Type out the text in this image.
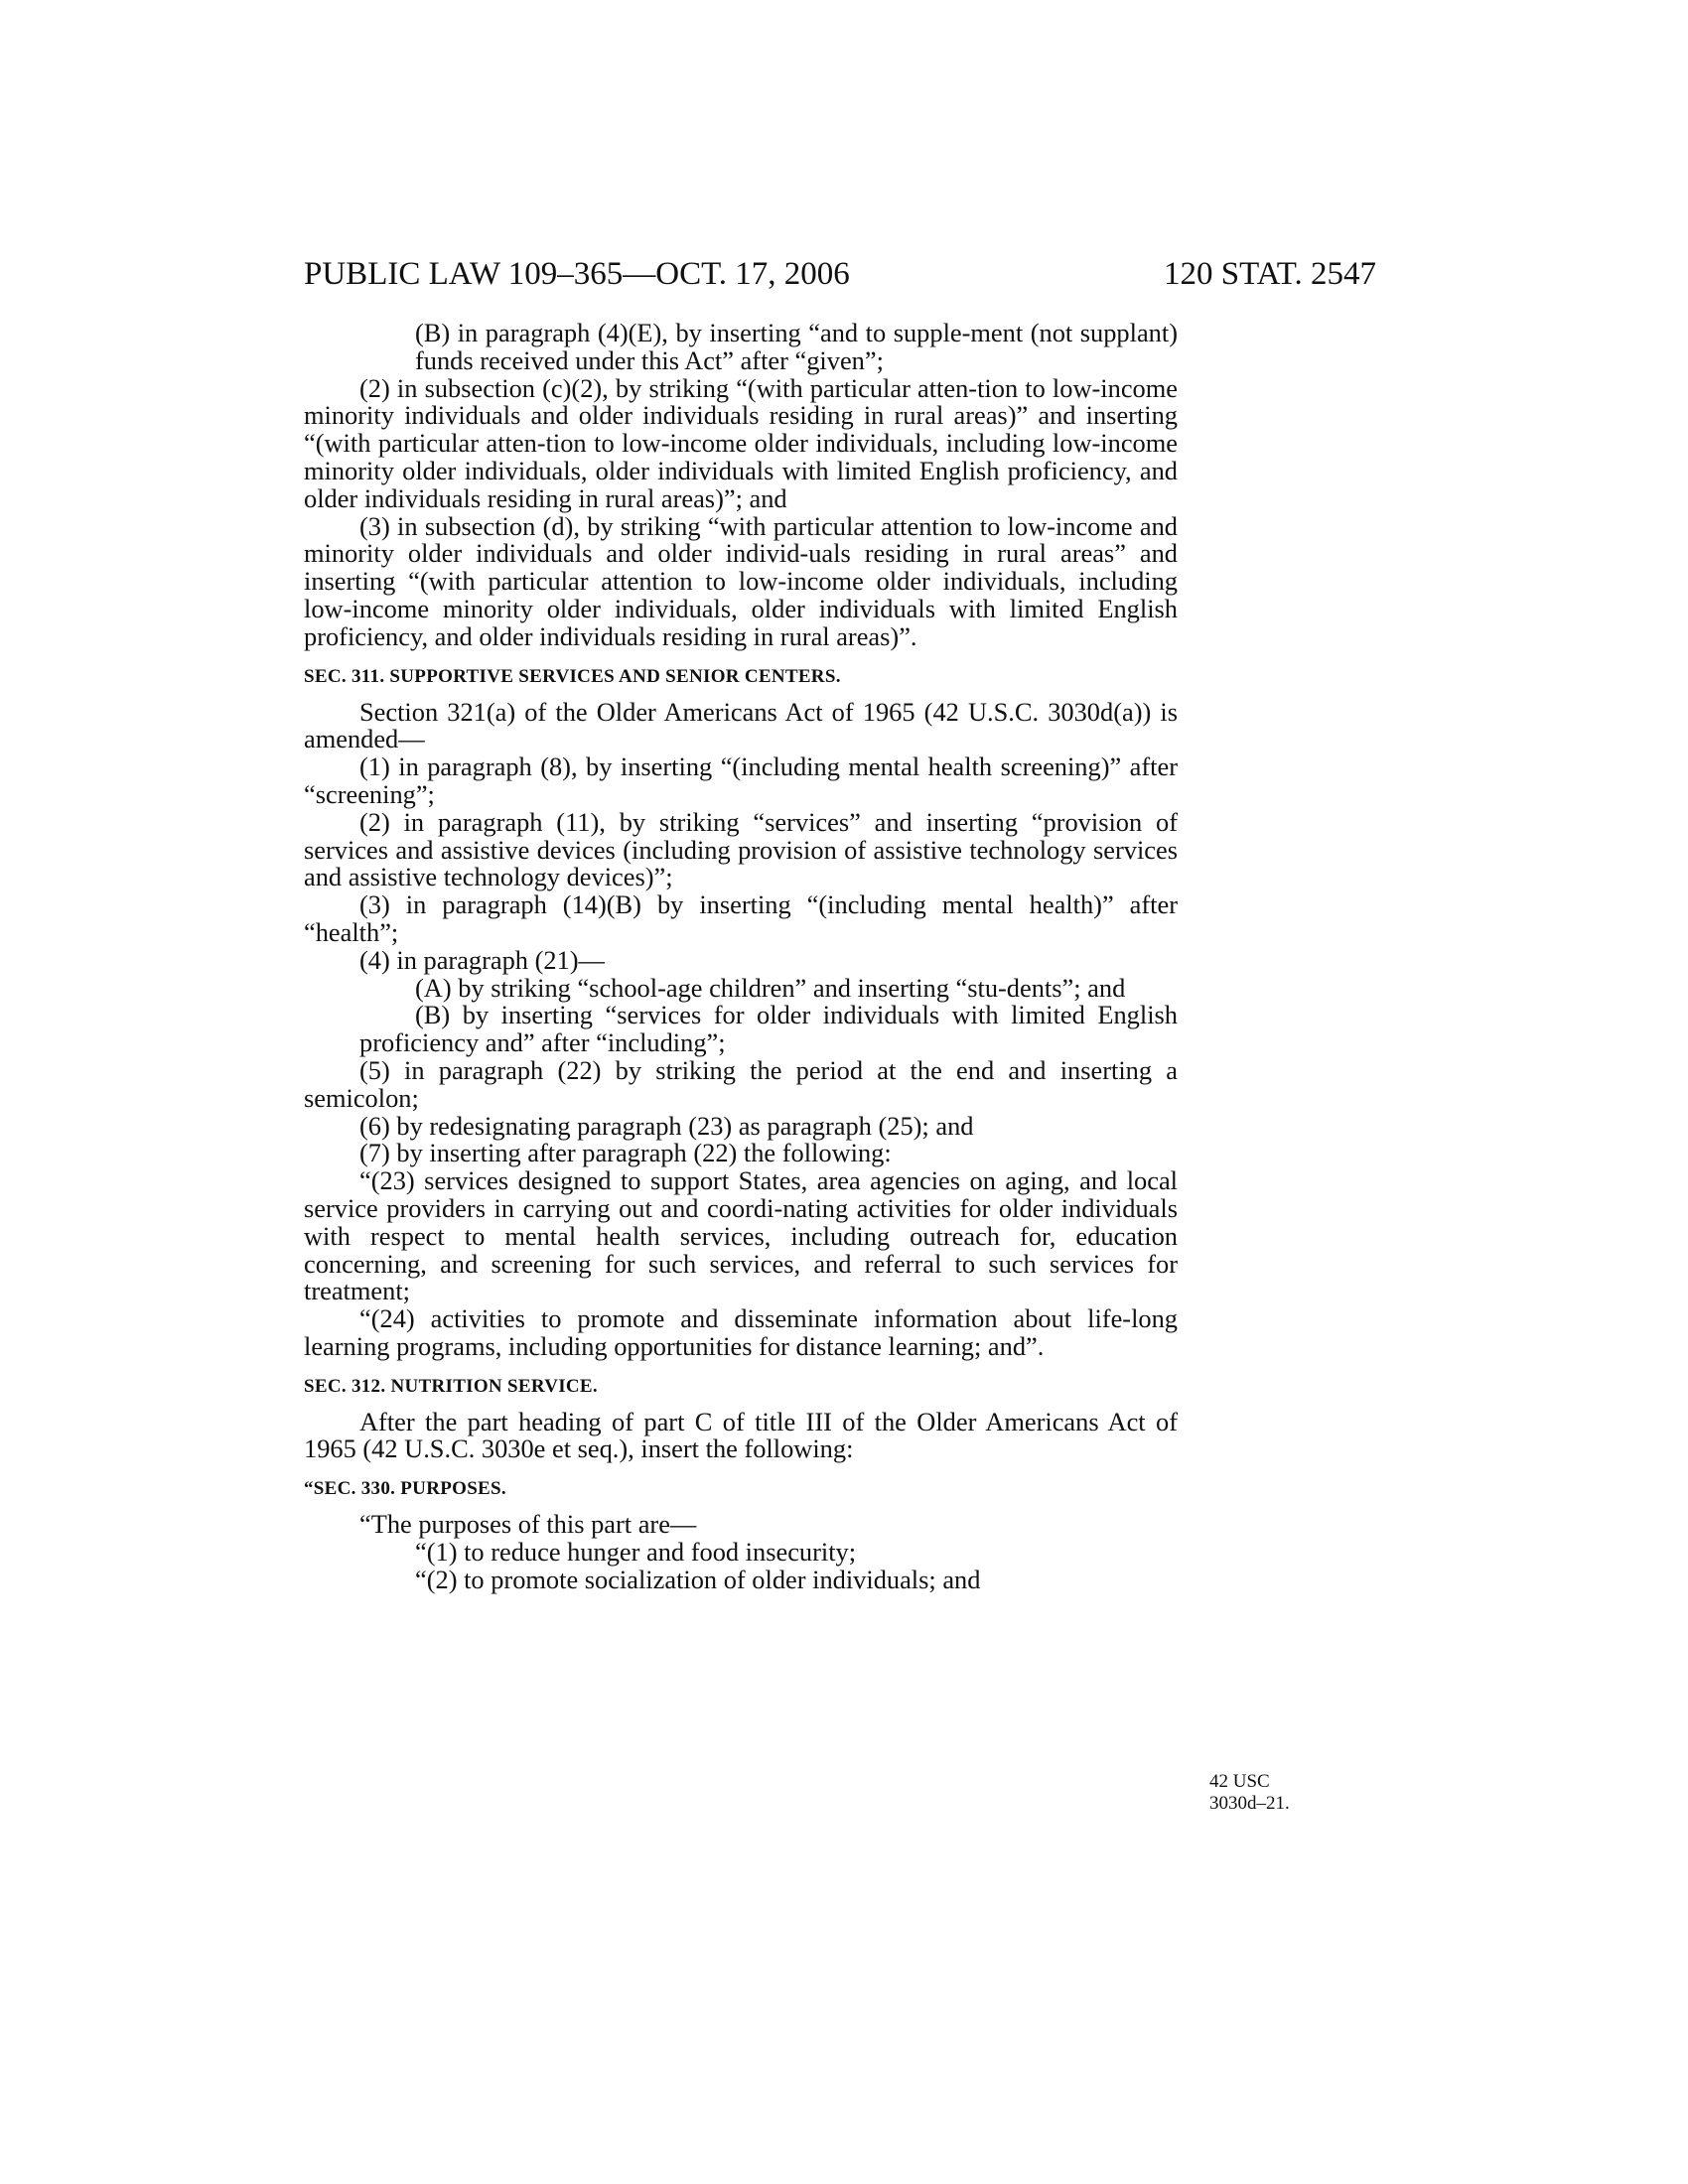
PUBLIC LAW 109–365—OCT. 17, 2006	120 STAT. 2547

(B) in paragraph (4)(E), by inserting “and to supple-ment (not supplant) funds received under this Act” after “given”;

(2) in subsection (c)(2), by striking “(with particular atten-tion to low-income minority individuals and older individuals residing in rural areas)” and inserting “(with particular atten-tion to low-income older individuals, including low-income minority older individuals, older individuals with limited English proficiency, and older individuals residing in rural areas)”; and

(3) in subsection (d), by striking “with particular attention to low-income and minority older individuals and older individ-uals residing in rural areas” and inserting “(with particular attention to low-income older individuals, including low-income minority older individuals, older individuals with limited English proficiency, and older individuals residing in rural areas)”.

SEC. 311. SUPPORTIVE SERVICES AND SENIOR CENTERS.

Section 321(a) of the Older Americans Act of 1965 (42 U.S.C. 3030d(a)) is amended—

(1) in paragraph (8), by inserting “(including mental health screening)” after “screening”;

(2) in paragraph (11), by striking “services” and inserting “provision of services and assistive devices (including provision of assistive technology services and assistive technology devices)”;

(3) in paragraph (14)(B) by inserting “(including mental health)” after “health”;

(4) in paragraph (21)—

(A) by striking “school-age children” and inserting “stu-dents”; and

(B) by inserting “services for older individuals with limited English proficiency and” after “including”;

(5) in paragraph (22) by striking the period at the end and inserting a semicolon;

(6) by redesignating paragraph (23) as paragraph (25); and

(7) by inserting after paragraph (22) the following:

“(23) services designed to support States, area agencies on aging, and local service providers in carrying out and coordi-nating activities for older individuals with respect to mental health services, including outreach for, education concerning, and screening for such services, and referral to such services for treatment;

“(24) activities to promote and disseminate information about life-long learning programs, including opportunities for distance learning; and”.

SEC. 312. NUTRITION SERVICE.

After the part heading of part C of title III of the Older Americans Act of 1965 (42 U.S.C. 3030e et seq.), insert the following:

“SEC. 330. PURPOSES.

“The purposes of this part are—

“(1) to reduce hunger and food insecurity;

“(2) to promote socialization of older individuals; and

42 USC
3030d–21.
